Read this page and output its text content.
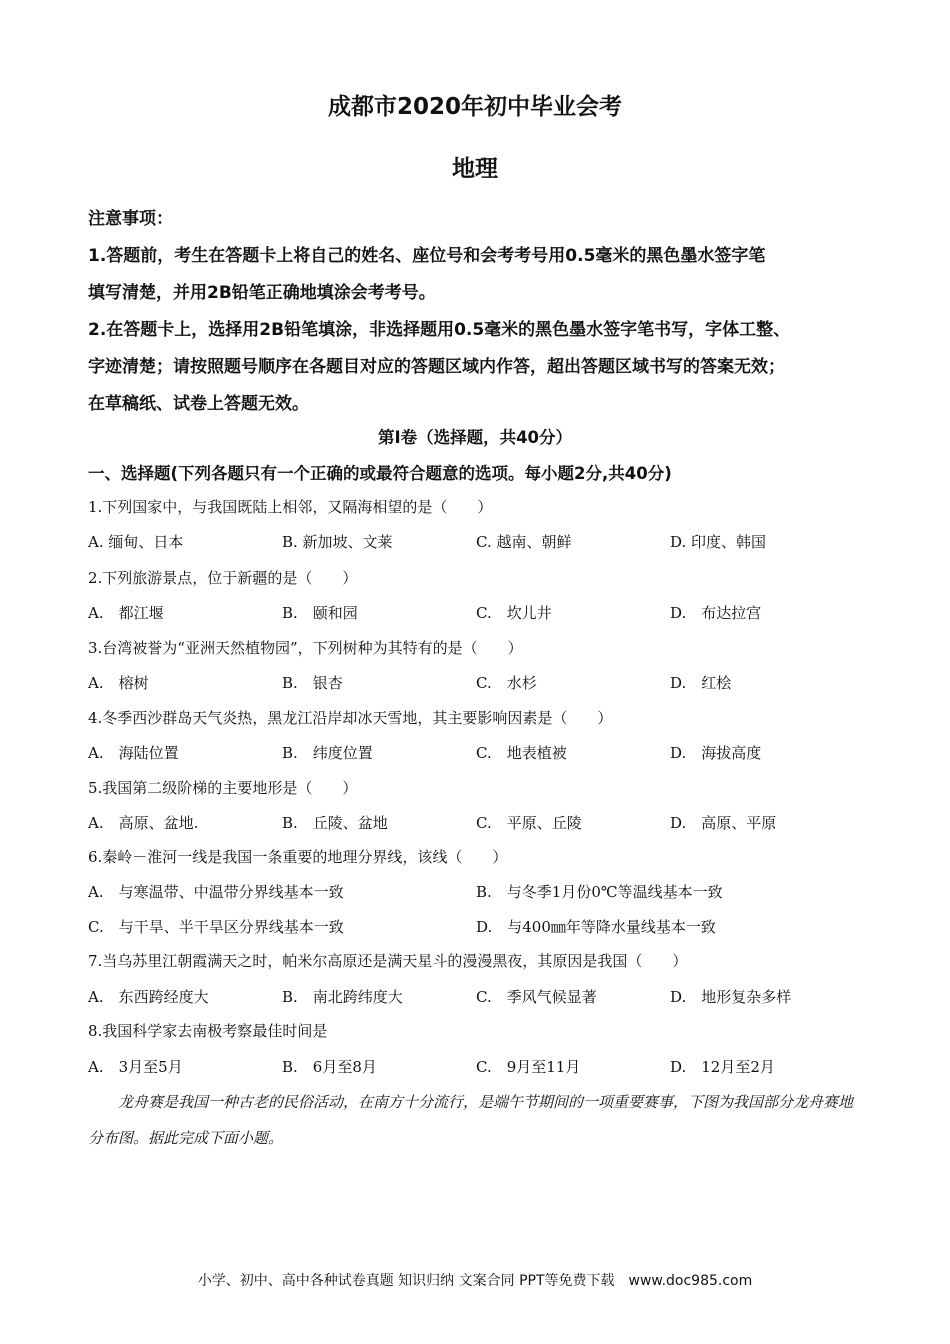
成都市2020年初中毕业会考
地理
注意事项：
1.答题前，考生在答题卡上将自己的姓名、座位号和会考考号用0.5毫米的黑色墨水签字笔
填写清楚，并用2B铅笔正确地填涂会考考号。
2.在答题卡上，选择用2B铅笔填涂，非选择题用0.5毫米的黑色墨水签字笔书写，字体工整、
字迹清楚；请按照题号顺序在各题目对应的答题区域内作答，超出答题区域书写的答案无效；
在草稿纸、试卷上答题无效。
第Ⅰ卷（选择题，共40分）
一、选择题(下列各题只有一个正确的或最符合题意的选项。每小题2分,共40分)
1.下列国家中，与我国既陆上相邻，又隔海相望的是（　　）
A. 缅甸、日本	B. 新加坡、文莱	C. 越南、朝鲜	D. 印度、韩国
2.下列旅游景点，位于新疆的是（　　）
A.　都江堰	B.　颐和园	C.　坎儿井	D.　布达拉宫
3.台湾被誉为“亚洲天然植物园”，下列树种为其特有的是（　　）
A.　榕树	B.　银杏	C.　水杉	D.　红桧
4.冬季西沙群岛天气炎热，黑龙江沿岸却冰天雪地，其主要影响因素是（　　）
A.　海陆位置	B.　纬度位置	C.　地表植被	D.　海拔高度
5.我国第二级阶梯的主要地形是（　　）
A.　高原、盆地.	B.　丘陵、盆地	C.　平原、丘陵	D.　高原、平原
6.秦岭－淮河一线是我国一条重要的地理分界线，该线（　　）
A.　与寒温带、中温带分界线基本一致	B.　与冬季1月份0℃等温线基本一致
C.　与干旱、半干旱区分界线基本一致	D.　与400㎜年等降水量线基本一致
7.当乌苏里江朝霞满天之时，帕米尔高原还是满天星斗的漫漫黑夜，其原因是我国（　　）
A.　东西跨经度大	B.　南北跨纬度大	C.　季风气候显著	D.　地形复杂多样
8.我国科学家去南极考察最佳时间是
A.　3月至5月	B.　6月至8月	C.　9月至11月	D.　12月至2月
龙舟赛是我国一种古老的民俗活动，在南方十分流行，是端午节期间的一项重要赛事，下图为我国部分龙舟赛地分布图。据此完成下面小题。
小学、初中、高中各种试卷真题 知识归纳 文案合同 PPT等免费下载　www.doc985.com
